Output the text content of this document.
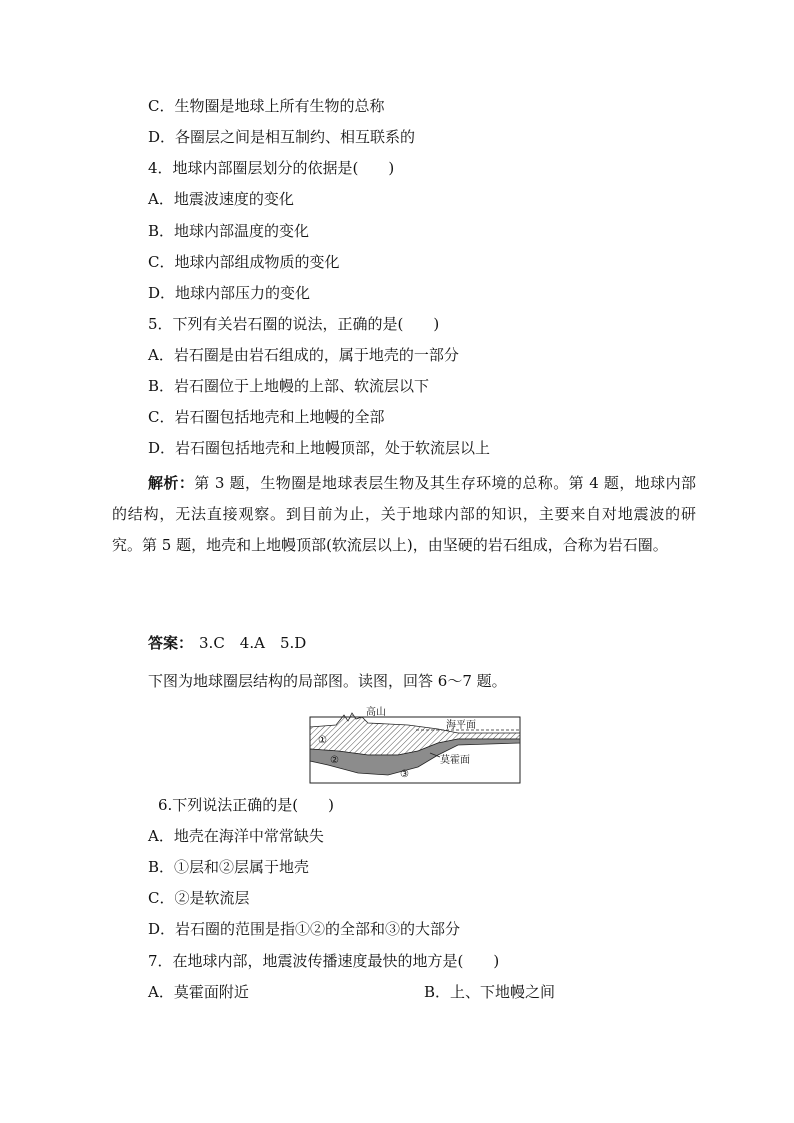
C．生物圈是地球上所有生物的总称
D．各圈层之间是相互制约、相互联系的
4．地球内部圈层划分的依据是(　　)
A．地震波速度的变化
B．地球内部温度的变化
C．地球内部组成物质的变化
D．地球内部压力的变化
5．下列有关岩石圈的说法，正确的是(　　)
A．岩石圈是由岩石组成的，属于地壳的一部分
B．岩石圈位于上地幔的上部、软流层以下
C．岩石圈包括地壳和上地幔的全部
D．岩石圈包括地壳和上地幔顶部，处于软流层以上
解析：第 3 题，生物圈是地球表层生物及其生存环境的总称。第 4 题，地球内部的结构，无法直接观察。到目前为止，关于地球内部的知识，主要来自对地震波的研究。第 5 题，地壳和上地幔顶部(软流层以上)，由坚硬的岩石组成，合称为岩石圈。
答案： 3.C　4.A　5.D
下图为地球圈层结构的局部图。读图，回答 6～7 题。
高山
海平面
莫霍面
①
②
③
6.下列说法正确的是(　　)
A．地壳在海洋中常常缺失
B．①层和②层属于地壳
C．②是软流层
D．岩石圈的范围是指①②的全部和③的大部分
7．在地球内部，地震波传播速度最快的地方是(　　)
A．莫霍面附近	B．上、下地幔之间
